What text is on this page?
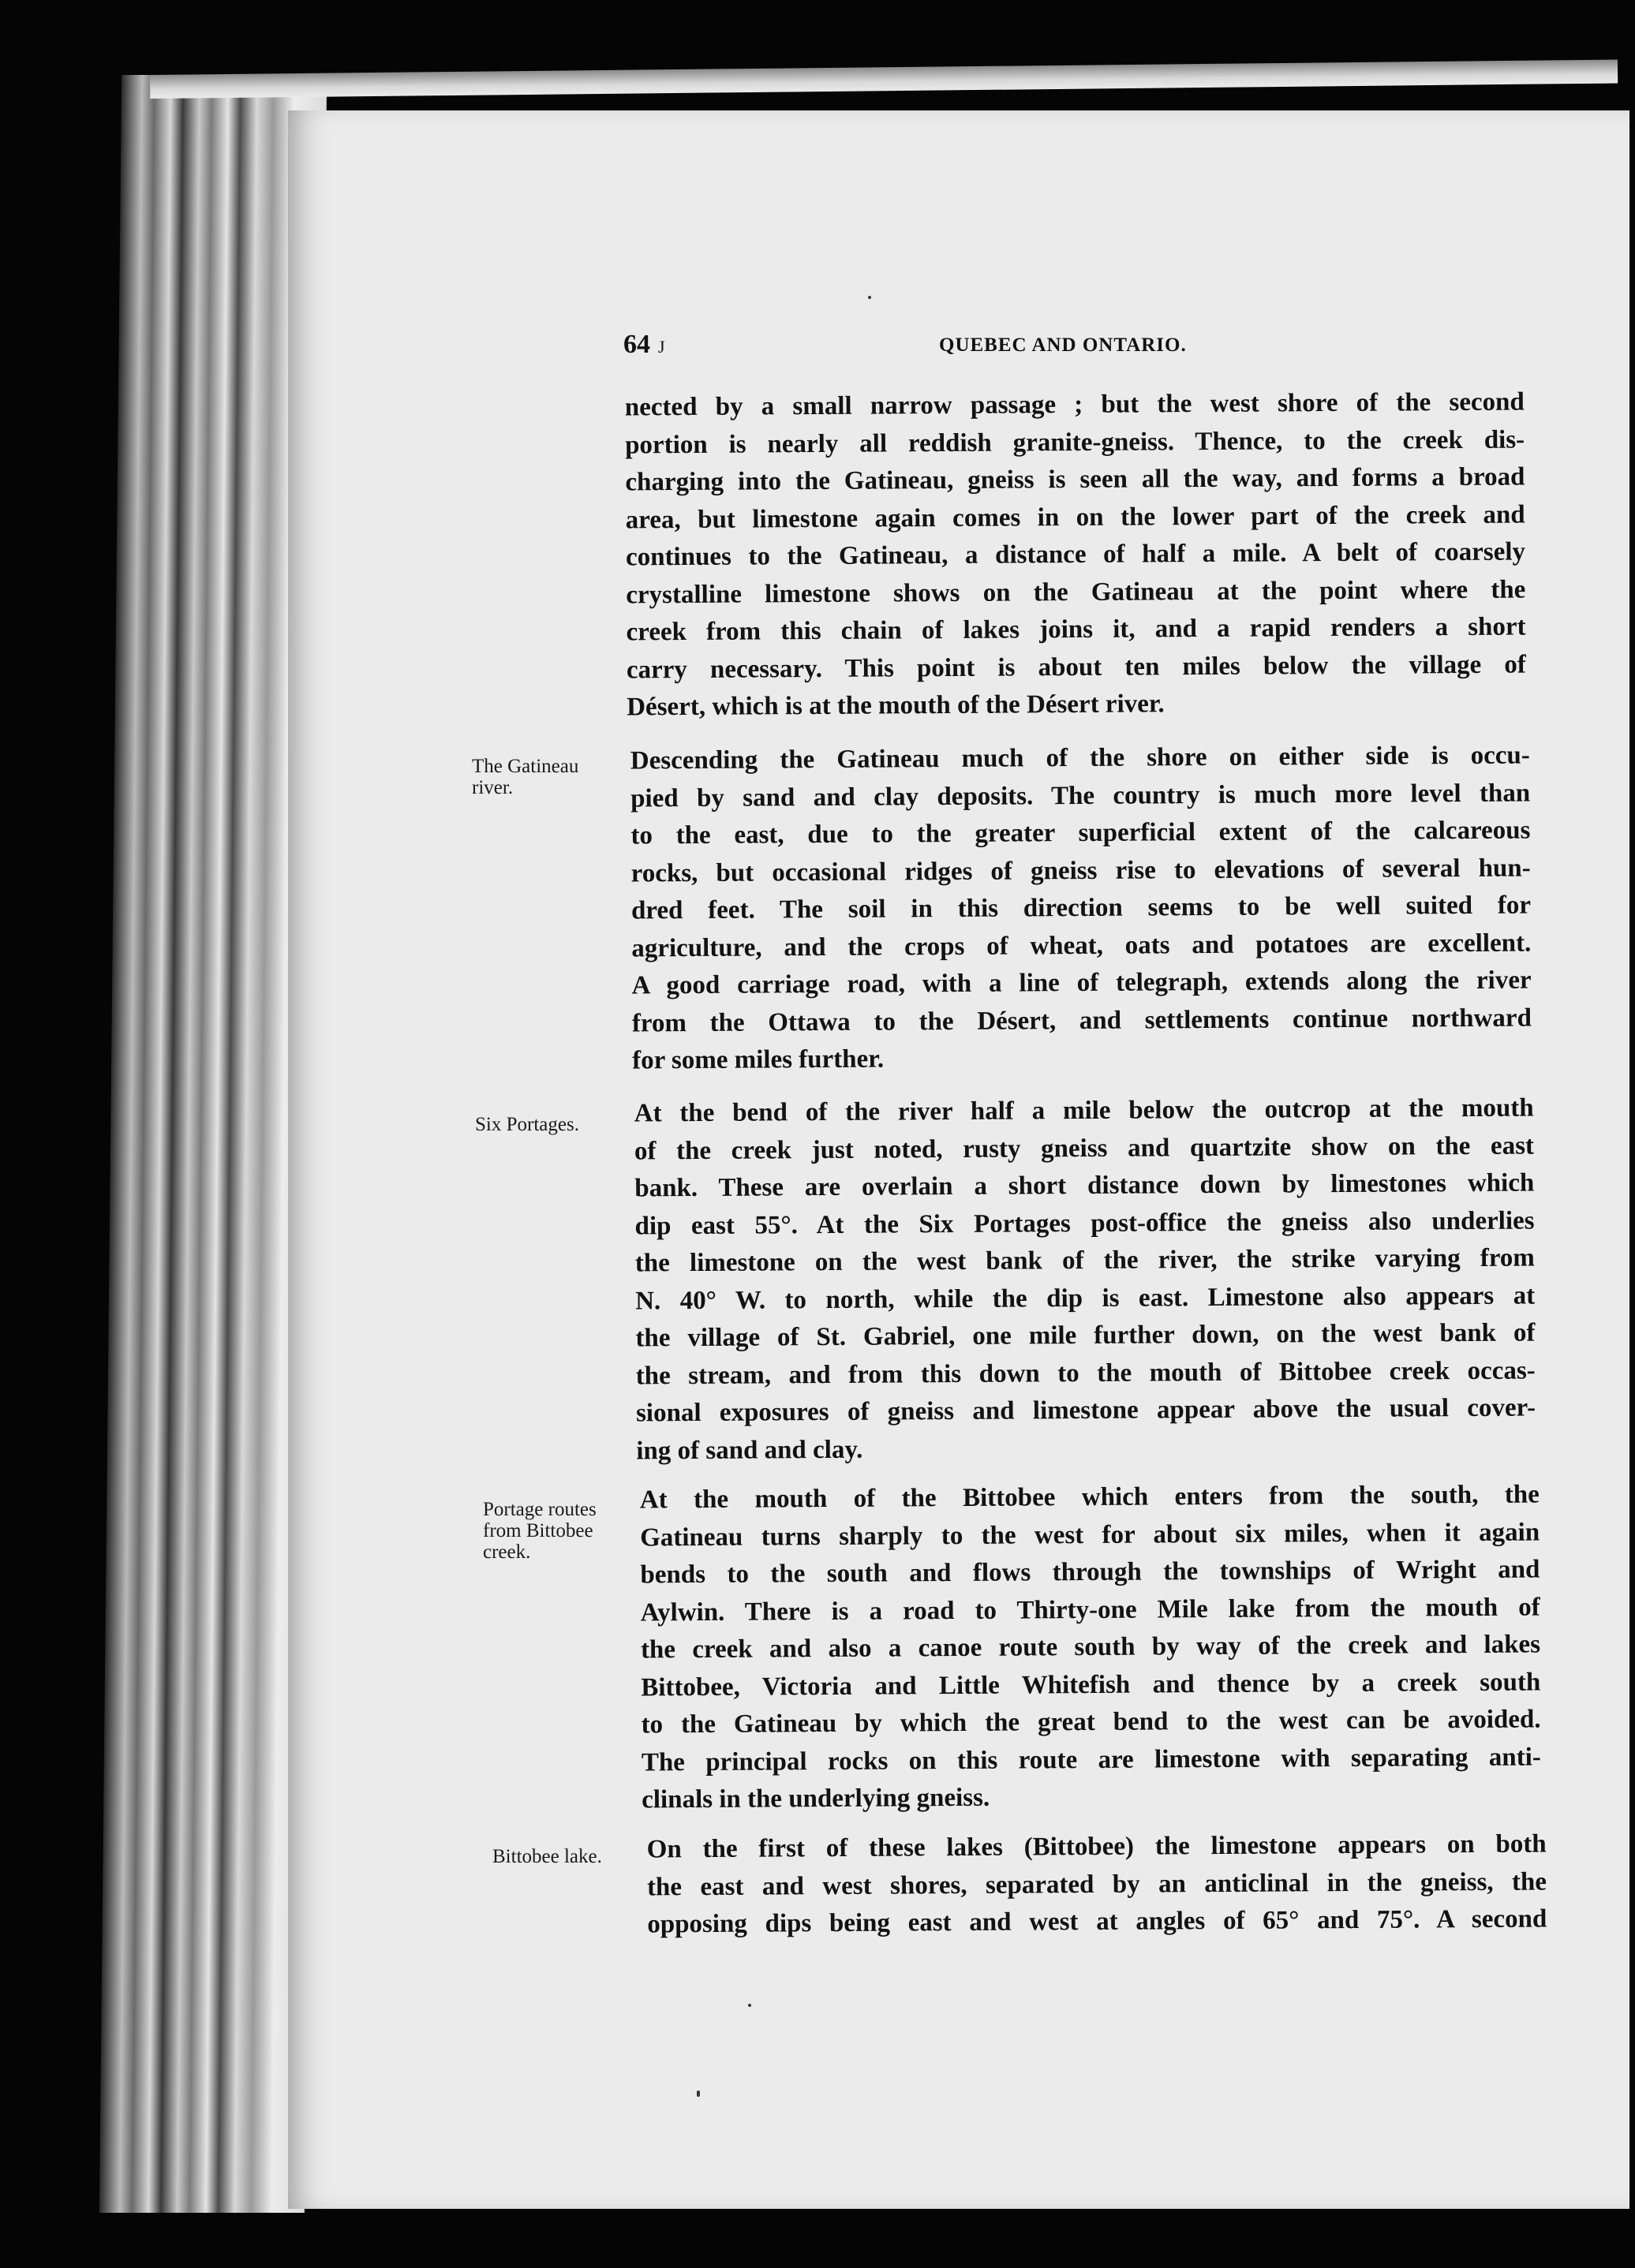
64 J	QUEBEC AND ONTARIO.
nected by a small narrow passage ; but the west shore of the second
portion is nearly all reddish granite-gneiss. Thence, to the creek dis-
charging into the Gatineau, gneiss is seen all the way, and forms a broad
area, but limestone again comes in on the lower part of the creek and
continues to the Gatineau, a distance of half a mile. A belt of coarsely
crystalline limestone shows on the Gatineau at the point where the
creek from this chain of lakes joins it, and a rapid renders a short
carry necessary. This point is about ten miles below the village of
Désert, which is at the mouth of the Désert river.
The Gatineau
river.
Descending the Gatineau much of the shore on either side is occu-
pied by sand and clay deposits. The country is much more level than
to the east, due to the greater superficial extent of the calcareous
rocks, but occasional ridges of gneiss rise to elevations of several hun-
dred feet. The soil in this direction seems to be well suited for
agriculture, and the crops of wheat, oats and potatoes are excellent.
A good carriage road, with a line of telegraph, extends along the river
from the Ottawa to the Désert, and settlements continue northward
for some miles further.
Six Portages.	At the bend of the river half a mile below the outcrop at the mouth
of the creek just noted, rusty gneiss and quartzite show on the east
bank. These are overlain a short distance down by limestones which
dip east 55°. At the Six Portages post-office the gneiss also underlies
the limestone on the west bank of the river, the strike varying from
N. 40° W. to north, while the dip is east. Limestone also appears at
the village of St. Gabriel, one mile further down, on the west bank of
the stream, and from this down to the mouth of Bittobee creek occas-
sional exposures of gneiss and limestone appear above the usual cover-
ing of sand and clay.
Portage routes
from Bittobee
creek.
At the mouth of the Bittobee which enters from the south, the
Gatineau turns sharply to the west for about six miles, when it again
bends to the south and flows through the townships of Wright and
Aylwin. There is a road to Thirty-one Mile lake from the mouth of
the creek and also a canoe route south by way of the creek and lakes
Bittobee, Victoria and Little Whitefish and thence by a creek south
to the Gatineau by which the great bend to the west can be avoided.
The principal rocks on this route are limestone with separating anti-
clinals in the underlying gneiss.
Bittobee lake.	On the first of these lakes (Bittobee) the limestone appears on both
the east and west shores, separated by an anticlinal in the gneiss, the
opposing dips being east and west at angles of 65° and 75°. A second
